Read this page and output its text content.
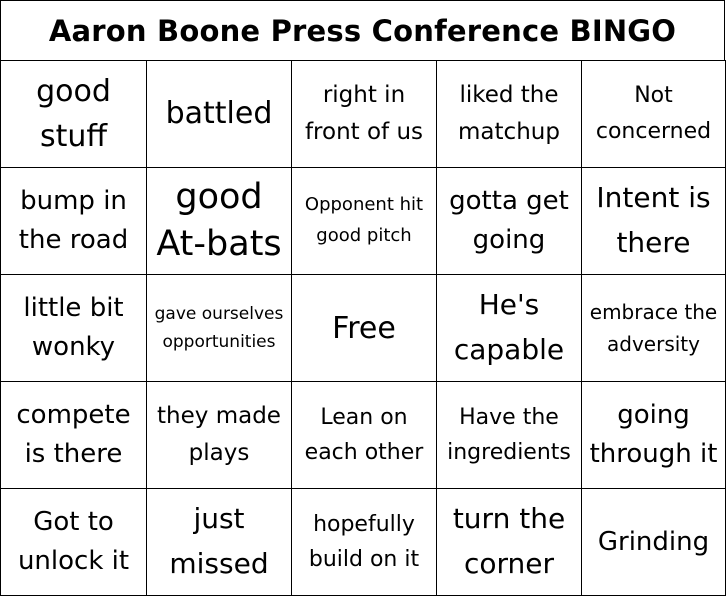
Aaron Boone Press Conference BINGO
good
stuff
battled
right in
front of us
liked the
matchup
Not
concerned
bump in
the road
good
At-bats
Opponent hit
good pitch
gotta get
going
Intent is
there
little bit
wonky
gave ourselves
opportunities Free
He's
capable
embrace the
adversity
compete
is there
they made
plays
Lean on
each other
Have the
ingredients
going
through it
Got to
unlock it
just
missed
hopefully
build on it
turn the
corner
Grinding
